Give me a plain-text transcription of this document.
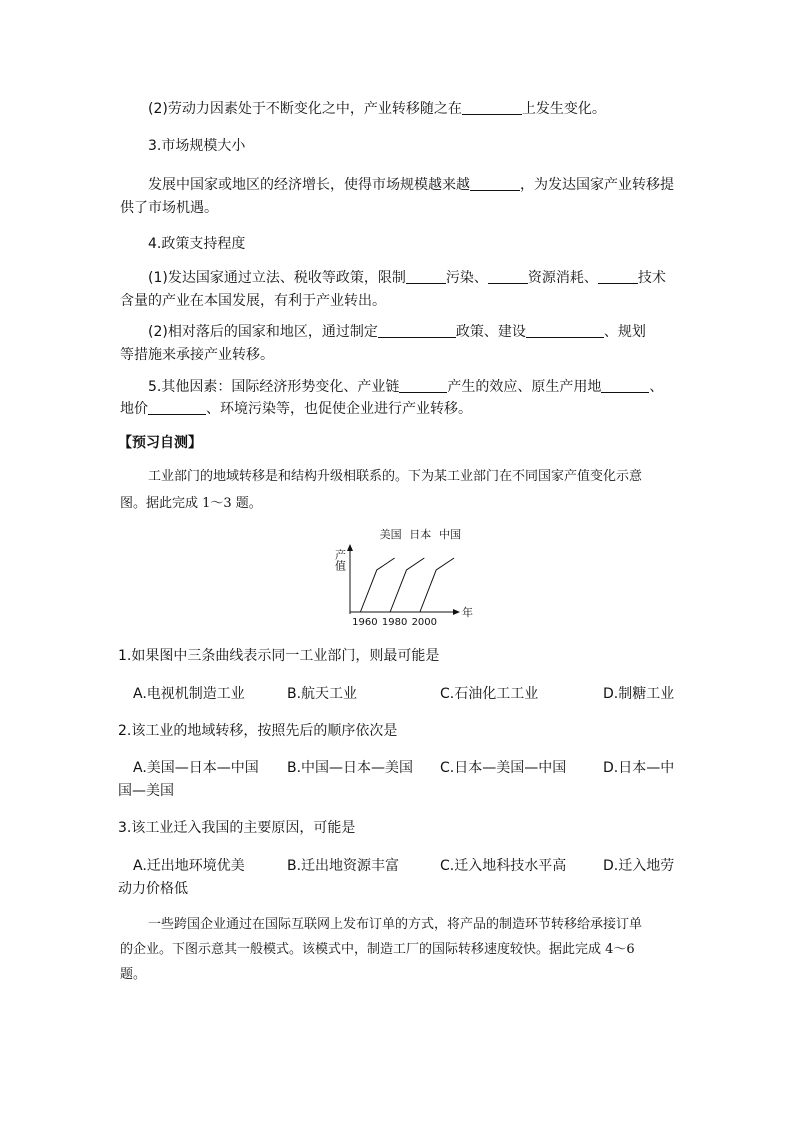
(2)劳动力因素处于不断变化之中，产业转移随之在	上发生变化。
3.市场规模大小
发展中国家或地区的经济增长，使得市场规模越来越	，为发达国家产业转移提
供了市场机遇。
4.政策支持程度
(1)发达国家通过立法、税收等政策，限制	污染、	资源消耗、	技术
含量的产业在本国发展，有利于产业转出。
(2)相对落后的国家和地区，通过制定	政策、建设	、规划
等措施来承接产业转移。
5.其他因素：国际经济形势变化、产业链	产生的效应、原生产用地	、
地价	、环境污染等，也促使企业进行产业转移。
【预习自测】
工业部门的地域转移是和结构升级相联系的。下为某工业部门在不同国家产值变化示意
图。据此完成 1～3 题。
产值
年
1960 1980 2000
美国 日本 中国
1.如果图中三条曲线表示同一工业部门，则最可能是
A.电视机制造工业	B.航天工业	C.石油化工工业	D.制糖工业
2.该工业的地域转移，按照先后的顺序依次是
A.美国—日本—中国 B.中国—日本—美国 C.日本—美国—中国	D.日本—中
国—美国
3.该工业迁入我国的主要原因，可能是
A.迁出地环境优美	B.迁出地资源丰富	C.迁入地科技水平高	D.迁入地劳
动力价格低
一些跨国企业通过在国际互联网上发布订单的方式，将产品的制造环节转移给承接订单
的企业。下图示意其一般模式。该模式中，制造工厂的国际转移速度较快。据此完成 4～6
题。
